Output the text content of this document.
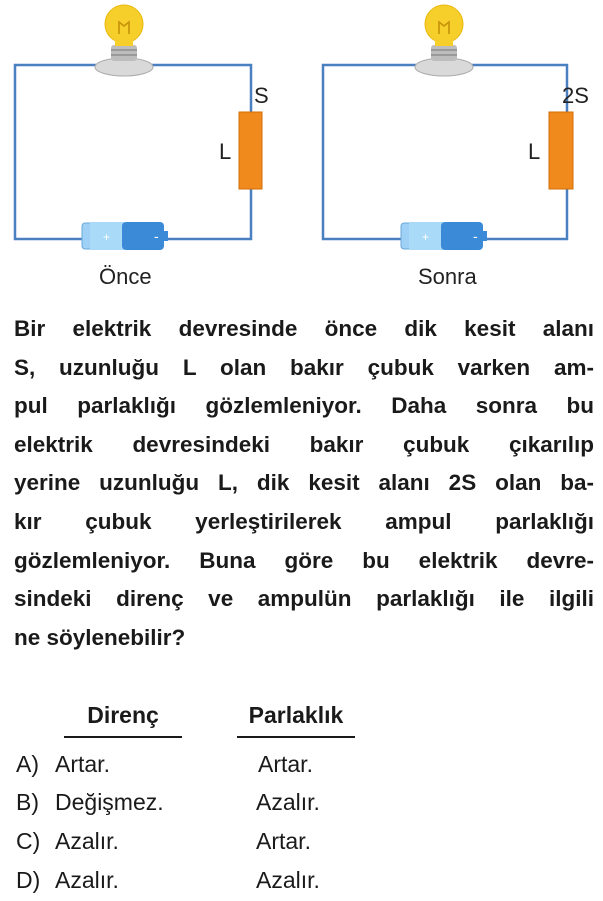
+	-
S
L
Önce
+	-
2S
L
Sonra
Bir elektrik devresinde önce dik kesit alanı
S, uzunluğu L olan bakır çubuk varken am-
pul parlaklığı gözlemleniyor. Daha sonra bu
elektrik devresindeki bakır çubuk çıkarılıp
yerine uzunluğu L, dik kesit alanı 2S olan ba-
kır çubuk yerleştirilerek ampul parlaklığı
gözlemleniyor. Buna göre bu elektrik devre-
sindeki direnç ve ampulün parlaklığı ile ilgili
ne söylenebilir?
Direnç	Parlaklık
A) Artar.	Artar.
B) Değişmez.	Azalır.
C) Azalır.	Artar.
D) Azalır.	Azalır.
